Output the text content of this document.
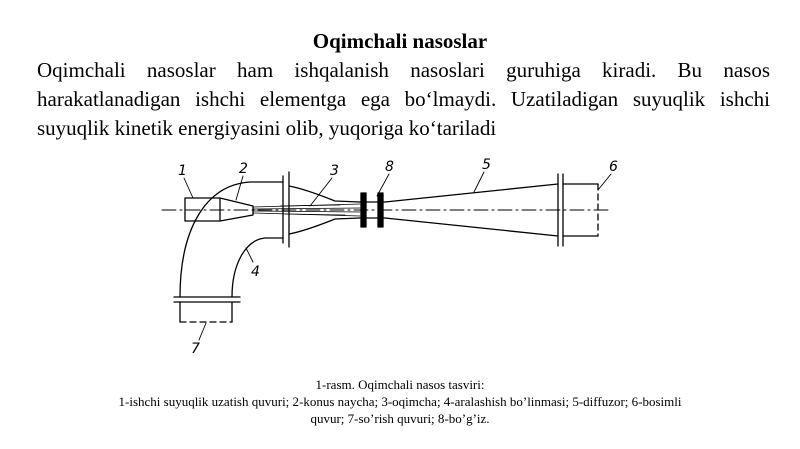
Oqimchali nasoslar
Oqimchali nasoslar ham ishqalanish nasoslari guruhiga kiradi. Bu nasos harakatlanadigan ishchi elementga ega bo‘lmaydi. Uzatiladigan suyuqlik ishchi suyuqlik kinetik energiyasini olib, yuqoriga ko‘tariladi
1	2	3	8	5	6
4
7
1-rasm. Oqimchali nasos tasviri:
1-ishchi suyuqlik uzatish quvuri; 2-konus naycha; 3-oqimcha; 4-aralashish bo’linmasi; 5-diffuzor; 6-bosimli
quvur; 7-so’rish quvuri; 8-bo’g’iz.
